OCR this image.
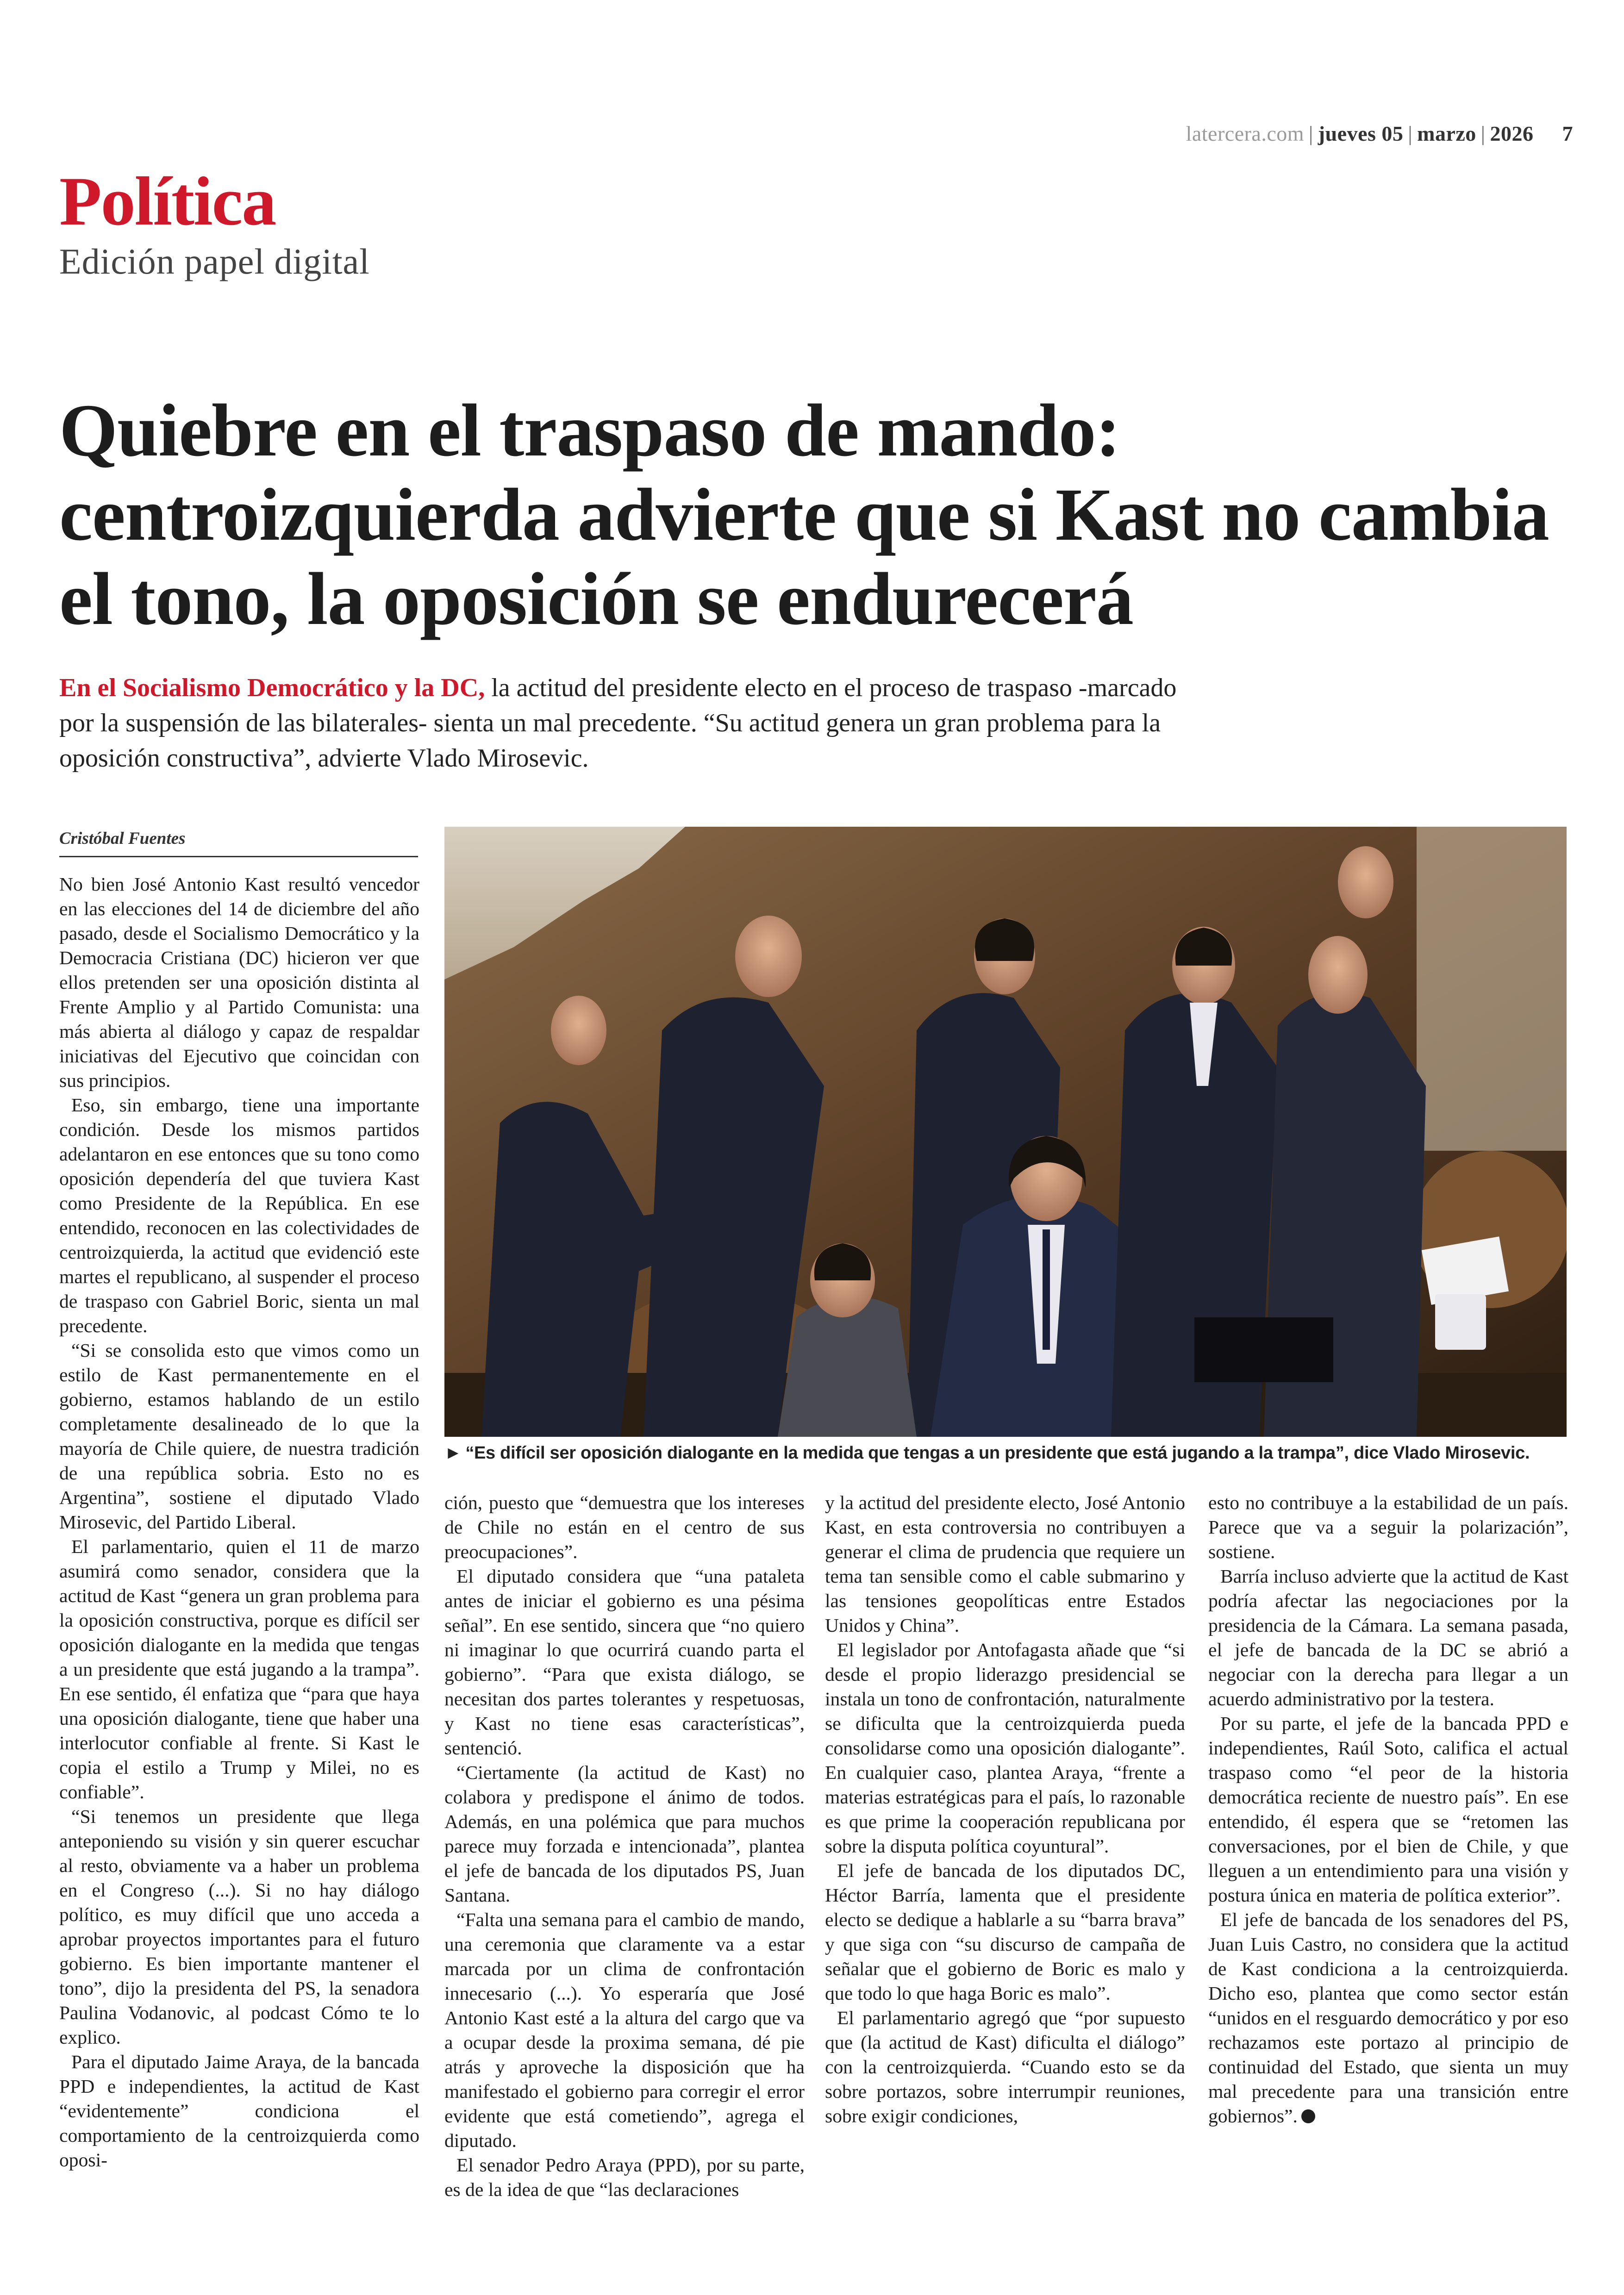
latercera.com | jueves 05 | marzo | 2026 7
Política
Edición papel digital
Quiebre en el traspaso de mando: centroizquierda advierte que si Kast no cambia el tono, la oposición se endurecerá
En el Socialismo Democrático y la DC, la actitud del presidente electo en el proceso de traspaso -marcado por la suspensión de las bilaterales- sienta un mal precedente. “Su actitud genera un gran problema para la oposición constructiva”, advierte Vlado Mirosevic.
Cristóbal Fuentes

No bien José Antonio Kast resultó vencedor en las elecciones del 14 de diciembre del año pasado, desde el Socialismo Democrático y la Democracia Cristiana (DC) hicieron ver que ellos pretenden ser una oposición distinta al Frente Amplio y al Partido Comunista: una más abierta al diálogo y capaz de respaldar iniciativas del Ejecutivo que coincidan con sus principios.

Eso, sin embargo, tiene una importante condición. Desde los mismos partidos adelantaron en ese entonces que su tono como oposición dependería del que tuviera Kast como Presidente de la República. En ese entendido, reconocen en las colectividades de centroizquierda, la actitud que evidenció este martes el republicano, al suspender el proceso de traspaso con Gabriel Boric, sienta un mal precedente.

“Si se consolida esto que vimos como un estilo de Kast permanentemente en el gobierno, estamos hablando de un estilo completamente desalineado de lo que la mayoría de Chile quiere, de nuestra tradición de una república sobria. Esto no es Argentina”, sostiene el diputado Vlado Mirosevic, del Partido Liberal.

El parlamentario, quien el 11 de marzo asumirá como senador, considera que la actitud de Kast “genera un gran problema para la oposición constructiva, porque es difícil ser oposición dialogante en la medida que tengas a un presidente que está jugando a la trampa”. En ese sentido, él enfatiza que “para que haya una oposición dialogante, tiene que haber una interlocutor confiable al frente. Si Kast le copia el estilo a Trump y Milei, no es confiable”.

“Si tenemos un presidente que llega anteponiendo su visión y sin querer escuchar al resto, obviamente va a haber un problema en el Congreso (...). Si no hay diálogo político, es muy difícil que uno acceda a aprobar proyectos importantes para el futuro gobierno. Es bien importante mantener el tono”, dijo la presidenta del PS, la senadora Paulina Vodanovic, al podcast Cómo te lo explico.

Para el diputado Jaime Araya, de la bancada PPD e independientes, la actitud de Kast “evidentemente” condiciona el comportamiento de la centroizquierda como oposi-

► “Es difícil ser oposición dialogante en la medida que tengas a un presidente que está jugando a la trampa”, dice Vlado Mirosevic.

ción, puesto que “demuestra que los intereses de Chile no están en el centro de sus preocupaciones”.

El diputado considera que “una pataleta antes de iniciar el gobierno es una pésima señal”. En ese sentido, sincera que “no quiero ni imaginar lo que ocurrirá cuando parta el gobierno”. “Para que exista diálogo, se necesitan dos partes tolerantes y respetuosas, y Kast no tiene esas características”, sentenció.

“Ciertamente (la actitud de Kast) no colabora y predispone el ánimo de todos. Además, en una polémica que para muchos parece muy forzada e intencionada”, plantea el jefe de bancada de los diputados PS, Juan Santana.

“Falta una semana para el cambio de mando, una ceremonia que claramente va a estar marcada por un clima de confrontación innecesario (...). Yo esperaría que José Antonio Kast esté a la altura del cargo que va a ocupar desde la proxima semana, dé pie atrás y aproveche la disposición que ha manifestado el gobierno para corregir el error evidente que está cometiendo”, agrega el diputado.

El senador Pedro Araya (PPD), por su parte, es de la idea de que “las declaraciones

y la actitud del presidente electo, José Antonio Kast, en esta controversia no contribuyen a generar el clima de prudencia que requiere un tema tan sensible como el cable submarino y las tensiones geopolíticas entre Estados Unidos y China”.

El legislador por Antofagasta añade que “si desde el propio liderazgo presidencial se instala un tono de confrontación, naturalmente se dificulta que la centroizquierda pueda consolidarse como una oposición dialogante”. En cualquier caso, plantea Araya, “frente a materias estratégicas para el país, lo razonable es que prime la cooperación republicana por sobre la disputa política coyuntural”.

El jefe de bancada de los diputados DC, Héctor Barría, lamenta que el presidente electo se dedique a hablarle a su “barra brava” y que siga con “su discurso de campaña de señalar que el gobierno de Boric es malo y que todo lo que haga Boric es malo”.

El parlamentario agregó que “por supuesto que (la actitud de Kast) dificulta el diálogo” con la centroizquierda. “Cuando esto se da sobre portazos, sobre interrumpir reuniones, sobre exigir condiciones,

esto no contribuye a la estabilidad de un país. Parece que va a seguir la polarización”, sostiene.

Barría incluso advierte que la actitud de Kast podría afectar las negociaciones por la presidencia de la Cámara. La semana pasada, el jefe de bancada de la DC se abrió a negociar con la derecha para llegar a un acuerdo administrativo por la testera.

Por su parte, el jefe de la bancada PPD e independientes, Raúl Soto, califica el actual traspaso como “el peor de la historia democrática reciente de nuestro país”. En ese entendido, él espera que se “retomen las conversaciones, por el bien de Chile, y que lleguen a un entendimiento para una visión y postura única en materia de política exterior”.

El jefe de bancada de los senadores del PS, Juan Luis Castro, no considera que la actitud de Kast condiciona a la centroizquierda. Dicho eso, plantea que como sector están “unidos en el resguardo democrático y por eso rechazamos este portazo al principio de continuidad del Estado, que sienta un muy mal precedente para una transición entre gobiernos”.
